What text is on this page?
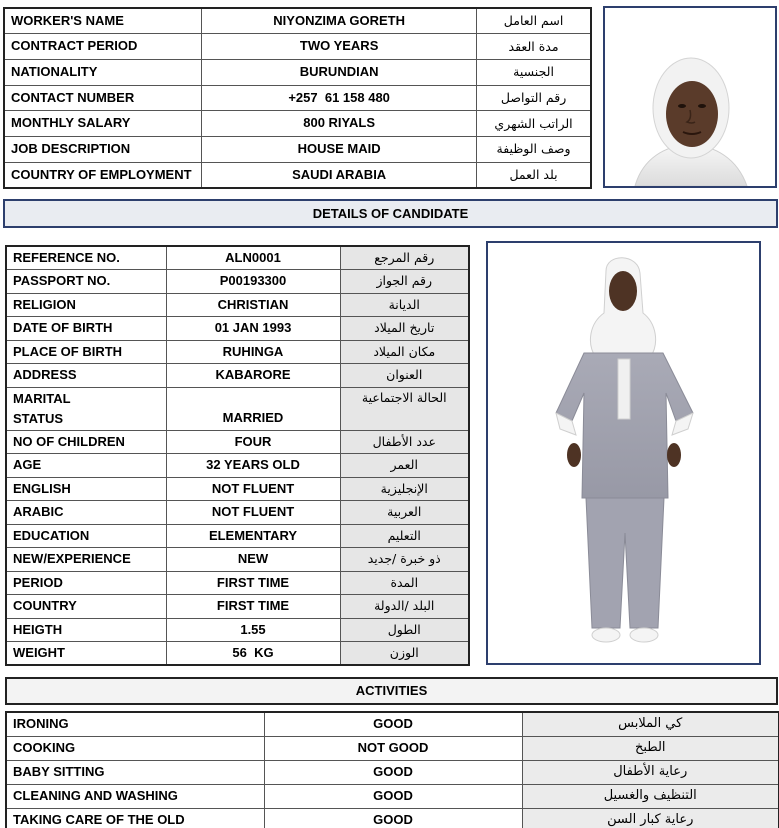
WORKER'S NAME	NIYONZIMA GORETH	اسم العامل
CONTRACT PERIOD	TWO YEARS	مدة العقد
NATIONALITY	BURUNDIAN	الجنسية
CONTACT NUMBER	+257  61 158 480	رقم التواصل
MONTHLY SALARY	800 RIYALS	الراتب الشهري
JOB DESCRIPTION	HOUSE MAID	وصف الوظيفة
COUNTRY OF EMPLOYMENT	SAUDI ARABIA	بلد العمل
DETAILS OF CANDIDATE
REFERENCE NO.	ALN0001	رقم المرجع
PASSPORT NO.	P00193300	رقم الجواز
RELIGION	CHRISTIAN	الديانة
DATE OF BIRTH	01 JAN 1993	تاريخ الميلاد
PLACE OF BIRTH	RUHINGA	مكان الميلاد
ADDRESS	KABARORE	العنوان
MARITAL
STATUS	MARRIED	الحالة الاجتماعية
NO OF CHILDREN	FOUR	عدد الأطفال
AGE	32 YEARS OLD	العمر
ENGLISH	NOT FLUENT	الإنجليزية
ARABIC	NOT FLUENT	العربية
EDUCATION	ELEMENTARY	التعليم
NEW/EXPERIENCE	NEW	ذو خبرة /جديد
PERIOD	FIRST TIME	المدة
COUNTRY	FIRST TIME	البلد /الدولة
HEIGTH	1.55	الطول
WEIGHT	56  KG	الوزن
ACTIVITIES
IRONING	GOOD	كي الملابس
COOKING	NOT GOOD	الطبخ
BABY SITTING	GOOD	رعاية الأطفال
CLEANING AND WASHING	GOOD	التنظيف والغسيل
TAKING CARE OF THE OLD	GOOD	رعاية كبار السن
